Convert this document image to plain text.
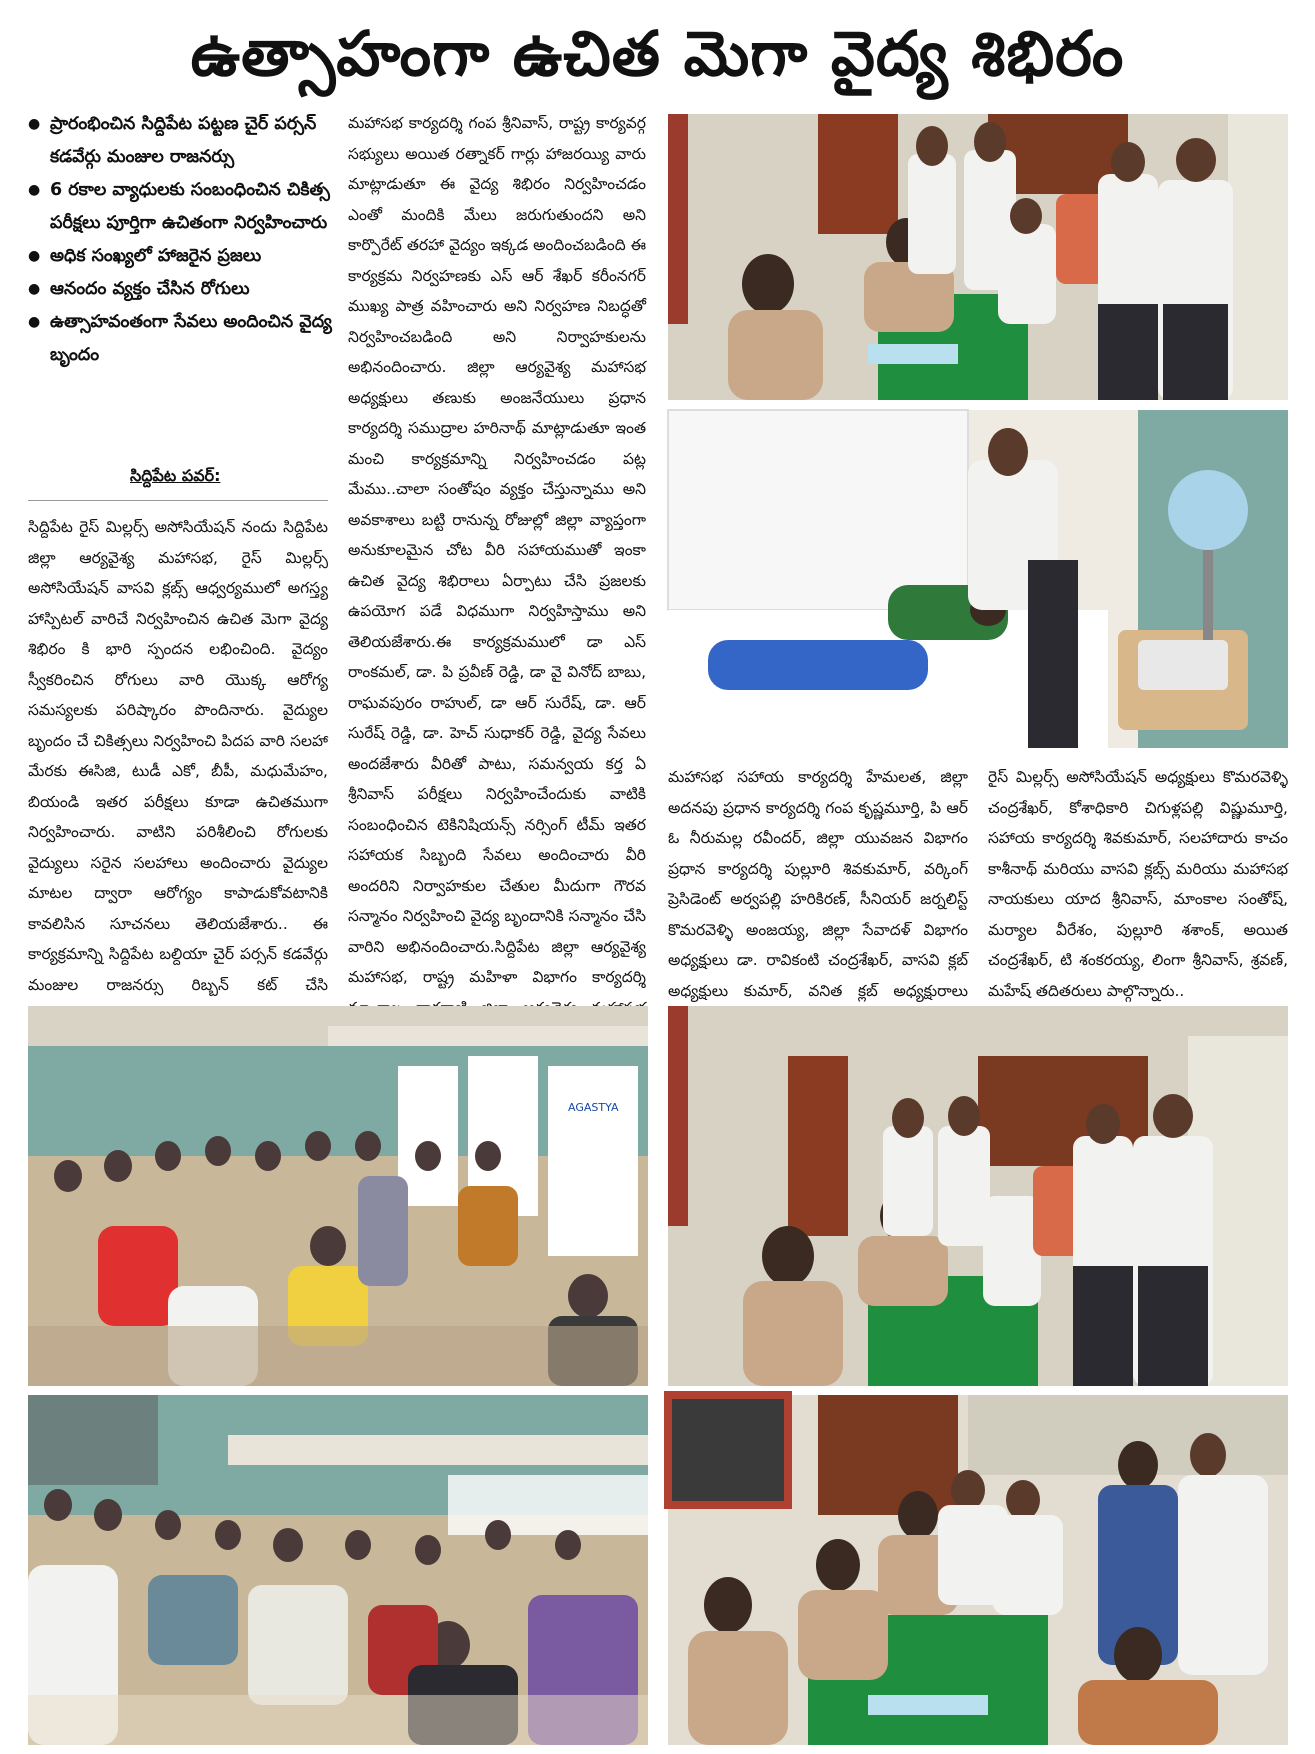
ఉత్సాహంగా ఉచిత మెగా వైద్య శిభిరం
● ప్రారంభించిన సిద్దిపేట పట్టణ చైర్ పర్సన్ కడవేర్గు మంజుల రాజనర్సు
● 6 రకాల వ్యాధులకు సంబంధించిన చికిత్స పరీక్షలు పూర్తిగా ఉచితంగా నిర్వహించారు
● అధిక సంఖ్యలో హాజరైన ప్రజలు
● ఆనందం వ్యక్తం చేసిన రోగులు
● ఉత్సాహవంతంగా సేవలు అందించిన వైద్య బృందం
సిద్దిపేట పవర్:
సిద్దిపేట రైస్ మిల్లర్స్ అసోసియేషన్ నందు సిద్దిపేట జిల్లా ఆర్యవైశ్య మహాసభ, రైస్ మిల్లర్స్ అసోసియేషన్ వాసవి క్లబ్స్ ఆధ్వర్యములో అగస్త్య హాస్పిటల్ వారిచే నిర్వహించిన ఉచిత మెగా వైద్య శిభిరం కి భారి స్పందన లభించింది. వైద్యం స్వీకరించిన రోగులు వారి యొక్క ఆరోగ్య సమస్యలకు పరిష్కారం పొందినారు. వైద్యుల బృందం చే చికిత్సలు నిర్వహించి పిదప వారి సలహా మేరకు ఈసిజి, టుడీ ఎకో, బీపీ, మధుమేహం, బియండి ఇతర పరీక్షలు కూడా ఉచితముగా నిర్వహించారు. వాటిని పరిశీలించి రోగులకు వైద్యులు సరైన సలహాలు అందించారు వైద్యుల మాటల ద్వారా ఆరోగ్యం కాపాడుకోవటానికి కావలిసిన సూచనలు తెలియజేశారు.. ఈ కార్యక్రమాన్ని సిద్దిపేట బల్దియా చైర్ పర్సన్ కడవేర్గు మంజుల రాజనర్సు రిబ్బన్ కట్ చేసి
మహాసభ కార్యదర్శి గంప శ్రీనివాస్, రాష్ట్ర కార్యవర్గ సభ్యులు అయిత రత్నాకర్ గార్లు హాజరయ్యి వారు మాట్లాడుతూ ఈ వైద్య శిభిరం నిర్వహించడం ఎంతో మందికి మేలు జరుగుతుందని అని కార్పొరేట్ తరహా వైద్యం ఇక్కడ అందించబడింది ఈ కార్యక్రమ నిర్వహణకు ఎస్ ఆర్ శేఖర్ కరీంనగర్ ముఖ్య పాత్ర వహించారు అని నిర్వహణ నిబద్ధతో నిర్వహించబడింది అని నిర్వాహకులను అభినందించారు. జిల్లా ఆర్యవైశ్య మహాసభ అధ్యక్షులు తణుకు అంజనేయులు ప్రధాన కార్యదర్శి సముద్రాల హరినాథ్ మాట్లాడుతూ ఇంత మంచి కార్యక్రమాన్ని నిర్వహించడం పట్ల మేము..చాలా సంతోషం వ్యక్తం చేస్తున్నాము అని అవకాశాలు బట్టి రానున్న రోజుల్లో జిల్లా వ్యాప్తంగా అనుకూలమైన చోట వీరి సహాయముతో ఇంకా ఉచిత వైద్య శిభిరాలు ఏర్పాటు చేసి ప్రజలకు ఉపయోగ పడే విధముగా నిర్వహిస్తాము అని తెలియజేశారు.ఈ కార్యక్రమములో డా ఎస్ రాంకమల్, డా. పి ప్రవీణ్ రెడ్డి, డా వై వినోద్ బాబు, రాఘవపురం రాహుల్, డా ఆర్ సురేష్, డా. ఆర్ సురేష్ రెడ్డి, డా. హెచ్ సుధాకర్ రెడ్డి, వైద్య సేవలు అందజేశారు వీరితో పాటు, సమన్వయ కర్త ఏ శ్రీనివాస్ పరీక్షలు నిర్వహించేందుకు వాటికి సంబంధించిన టెకినిషియన్స్ నర్సింగ్ టీమ్ ఇతర సహాయక సిబ్బంది సేవలు అందించారు వీరి అందరిని నిర్వాహకుల చేతుల మీదుగా గౌరవ సన్మానం నిర్వహించి వైద్య బృందానికి సన్మానం చేసి వారిని అభినందించారు.సిద్దిపేట జిల్లా ఆర్యవైశ్య మహాసభ, రాష్ట్ర మహిళా విభాగం కార్యదర్శి
మహాసభ సహాయ కార్యదర్శి హేమలత, జిల్లా అదనపు ప్రధాన కార్యదర్శి గంప కృష్ణమూర్తి, పి ఆర్ ఓ నీరుమల్ల రవీందర్, జిల్లా యువజన విభాగం ప్రధాన కార్యదర్శి పుల్లూరి శివకుమార్, వర్కింగ్ ప్రెసిడెంట్ అర్వపల్లి హరికిరణ్, సీనియర్ జర్నలిస్ట్ కొమరవెళ్ళి అంజయ్య, జిల్లా సేవాదళ్ విభాగం అధ్యక్షులు డా. రావికంటి చంద్రశేఖర్, వాసవి క్లబ్ అధ్యక్షులు కుమార్, వనిత క్లబ్ అధ్యక్షురాలు
రైస్ మిల్లర్స్ అసోసియేషన్ అధ్యక్షులు కొమరవెళ్ళి చంద్రశేఖర్, కోశాధికారి చిగుళ్లపల్లి విష్ణుమూర్తి, సహాయ కార్యదర్శి శివకుమార్, సలహాదారు కాచం కాశీనాథ్ మరియు వాసవి క్లబ్స్ మరియు మహాసభ నాయకులు యాద శ్రీనివాస్, మాంకాల సంతోష్, మర్యాల వీరేశం, పుల్లూరి శశాంక్, అయిత చంద్రశేఖర్, టి శంకరయ్య, లింగా శ్రీనివాస్, శ్రవణ్, మహేష్ తదితరులు పాల్గొన్నారు..
AGASTYA
